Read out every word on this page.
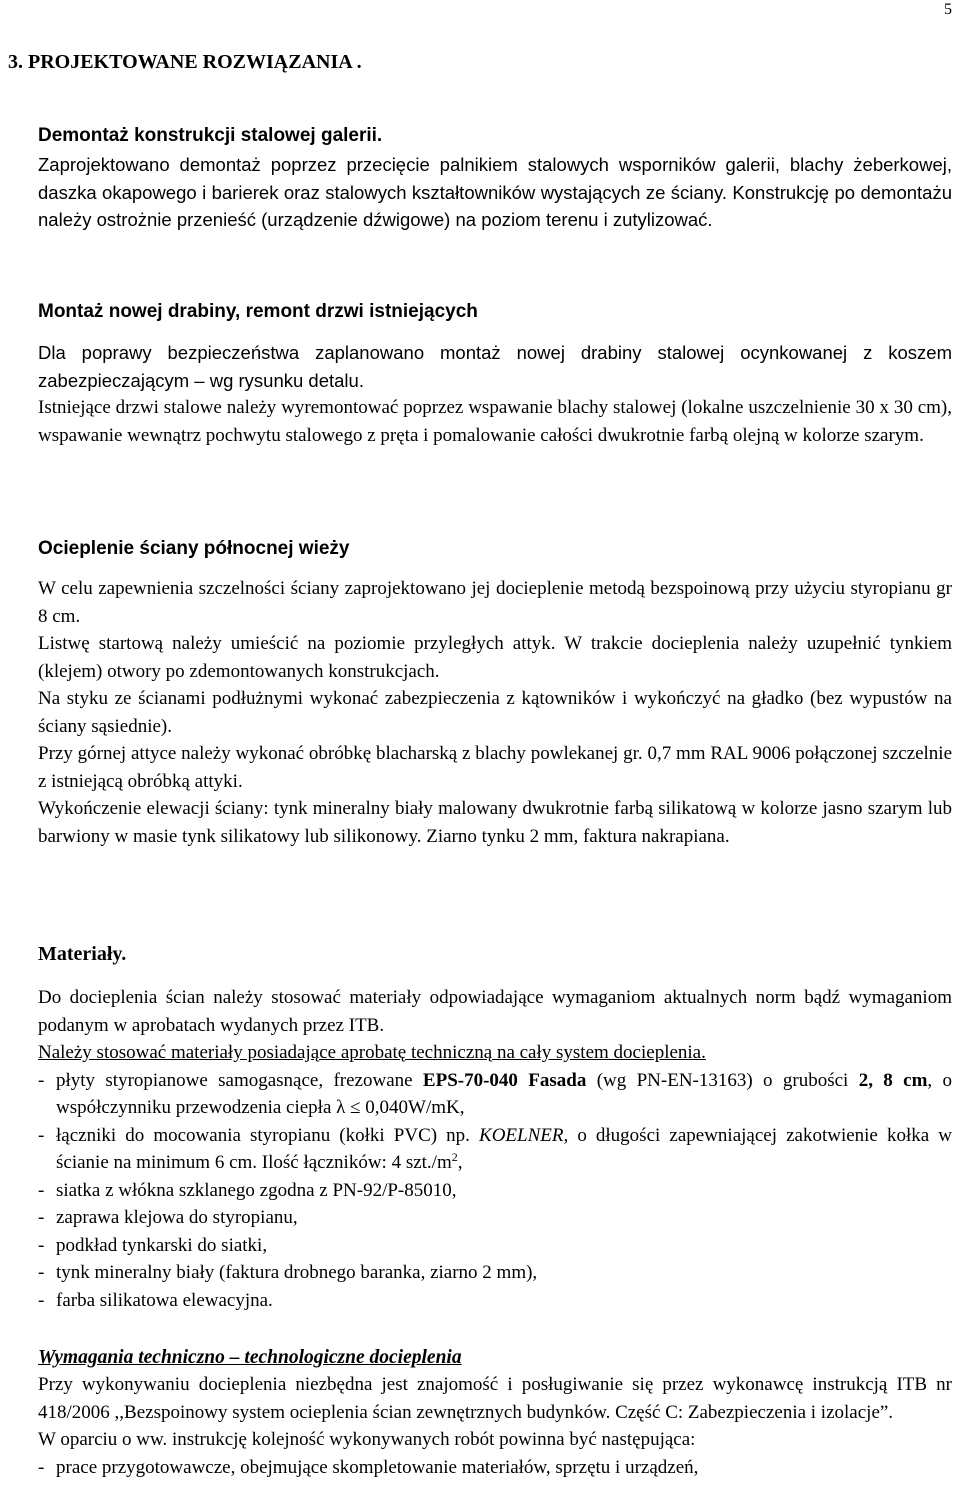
5
3. PROJEKTOWANE ROZWIĄZANIA .
Demontaż konstrukcji stalowej galerii.

Zaprojektowano demontaż poprzez przecięcie palnikiem stalowych wsporników galerii, blachy żeberkowej, daszka okapowego i barierek oraz stalowych kształtowników wystających ze ściany. Konstrukcję po demontażu należy ostrożnie przenieść (urządzenie dźwigowe) na poziom terenu i zutylizować.

Montaż nowej drabiny, remont drzwi istniejących

Dla poprawy bezpieczeństwa zaplanowano montaż nowej drabiny stalowej ocynkowanej z koszem zabezpieczającym – wg rysunku detalu.

Istniejące drzwi stalowe należy wyremontować poprzez wspawanie blachy stalowej (lokalne uszczelnienie 30 x 30 cm), wspawanie wewnątrz pochwytu stalowego z pręta i pomalowanie całości dwukrotnie farbą olejną w kolorze szarym.

Ocieplenie ściany północnej wieży

W celu zapewnienia szczelności ściany zaprojektowano jej docieplenie metodą bezspoinową przy użyciu styropianu gr 8 cm.

Listwę startową należy umieścić na poziomie przyległych attyk. W trakcie docieplenia należy uzupełnić tynkiem (klejem) otwory po zdemontowanych konstrukcjach.

Na styku ze ścianami podłużnymi wykonać zabezpieczenia z kątowników i wykończyć na gładko (bez wypustów na ściany sąsiednie).

Przy górnej attyce należy wykonać obróbkę blacharską z blachy powlekanej gr. 0,7 mm RAL 9006 połączonej szczelnie z istniejącą obróbką attyki.

Wykończenie elewacji ściany: tynk mineralny biały malowany dwukrotnie farbą silikatową w kolorze jasno szarym lub barwiony w masie tynk silikatowy lub silikonowy. Ziarno tynku 2 mm, faktura nakrapiana.

Materiały.

Do docieplenia ścian należy stosować materiały odpowiadające wymaganiom aktualnych norm bądź wymaganiom podanym w aprobatach wydanych przez ITB.

Należy stosować materiały posiadające aprobatę techniczną na cały system docieplenia.

- płyty styropianowe samogasnące, frezowane EPS-70-040 Fasada (wg PN-EN-13163) o grubości 2, 8 cm, o współczynniku przewodzenia ciepła λ ≤ 0,040W/mK,
- łączniki do mocowania styropianu (kołki PVC) np. KOELNER, o długości zapewniającej zakotwienie kołka w ścianie na minimum 6 cm. Ilość łączników: 4 $szt./m^2$,
- siatka z włókna szklanego zgodna z PN-92/P-85010,
- zaprawa klejowa do styropianu,
- podkład tynkarski do siatki,
- tynk mineralny biały (faktura drobnego baranka, ziarno 2 mm),
- farba silikatowa elewacyjna.
Wymagania techniczno – technologiczne docieplenia

Przy wykonywaniu docieplenia niezbędna jest znajomość i posługiwanie się przez wykonawcę instrukcją ITB nr 418/2006 ,,Bezspoinowy system ocieplenia ścian zewnętrznych budynków. Część C: Zabezpieczenia i izolacje”.

W oparciu o ww. instrukcję kolejność wykonywanych robót powinna być następująca:

- prace przygotowawcze, obejmujące skompletowanie materiałów, sprzętu i urządzeń,
